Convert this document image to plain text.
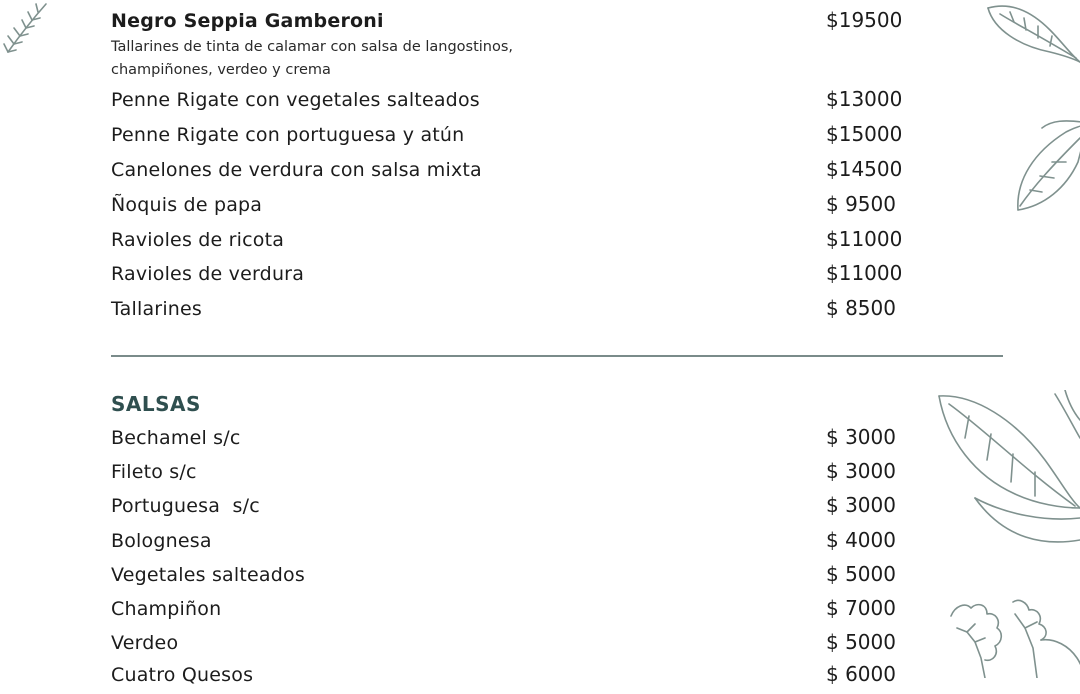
Negro Seppia Gamberoni	$19500
Tallarines de tinta de calamar con salsa de langostinos,
champiñones, verdeo y crema
Penne Rigate con vegetales salteados	$13000
Penne Rigate con portuguesa y atún	$15000
Canelones de verdura con salsa mixta	$14500
Ñoquis de papa	$ 9500
Ravioles de ricota	$11000
Ravioles de verdura	$11000
Tallarines	$ 8500
SALSAS
Bechamel s/c	$ 3000
Fileto s/c	$ 3000
Portuguesa  s/c	$ 3000
Bolognesa	$ 4000
Vegetales salteados	$ 5000
Champiñon	$ 7000
Verdeo	$ 5000
Cuatro Quesos	$ 6000
